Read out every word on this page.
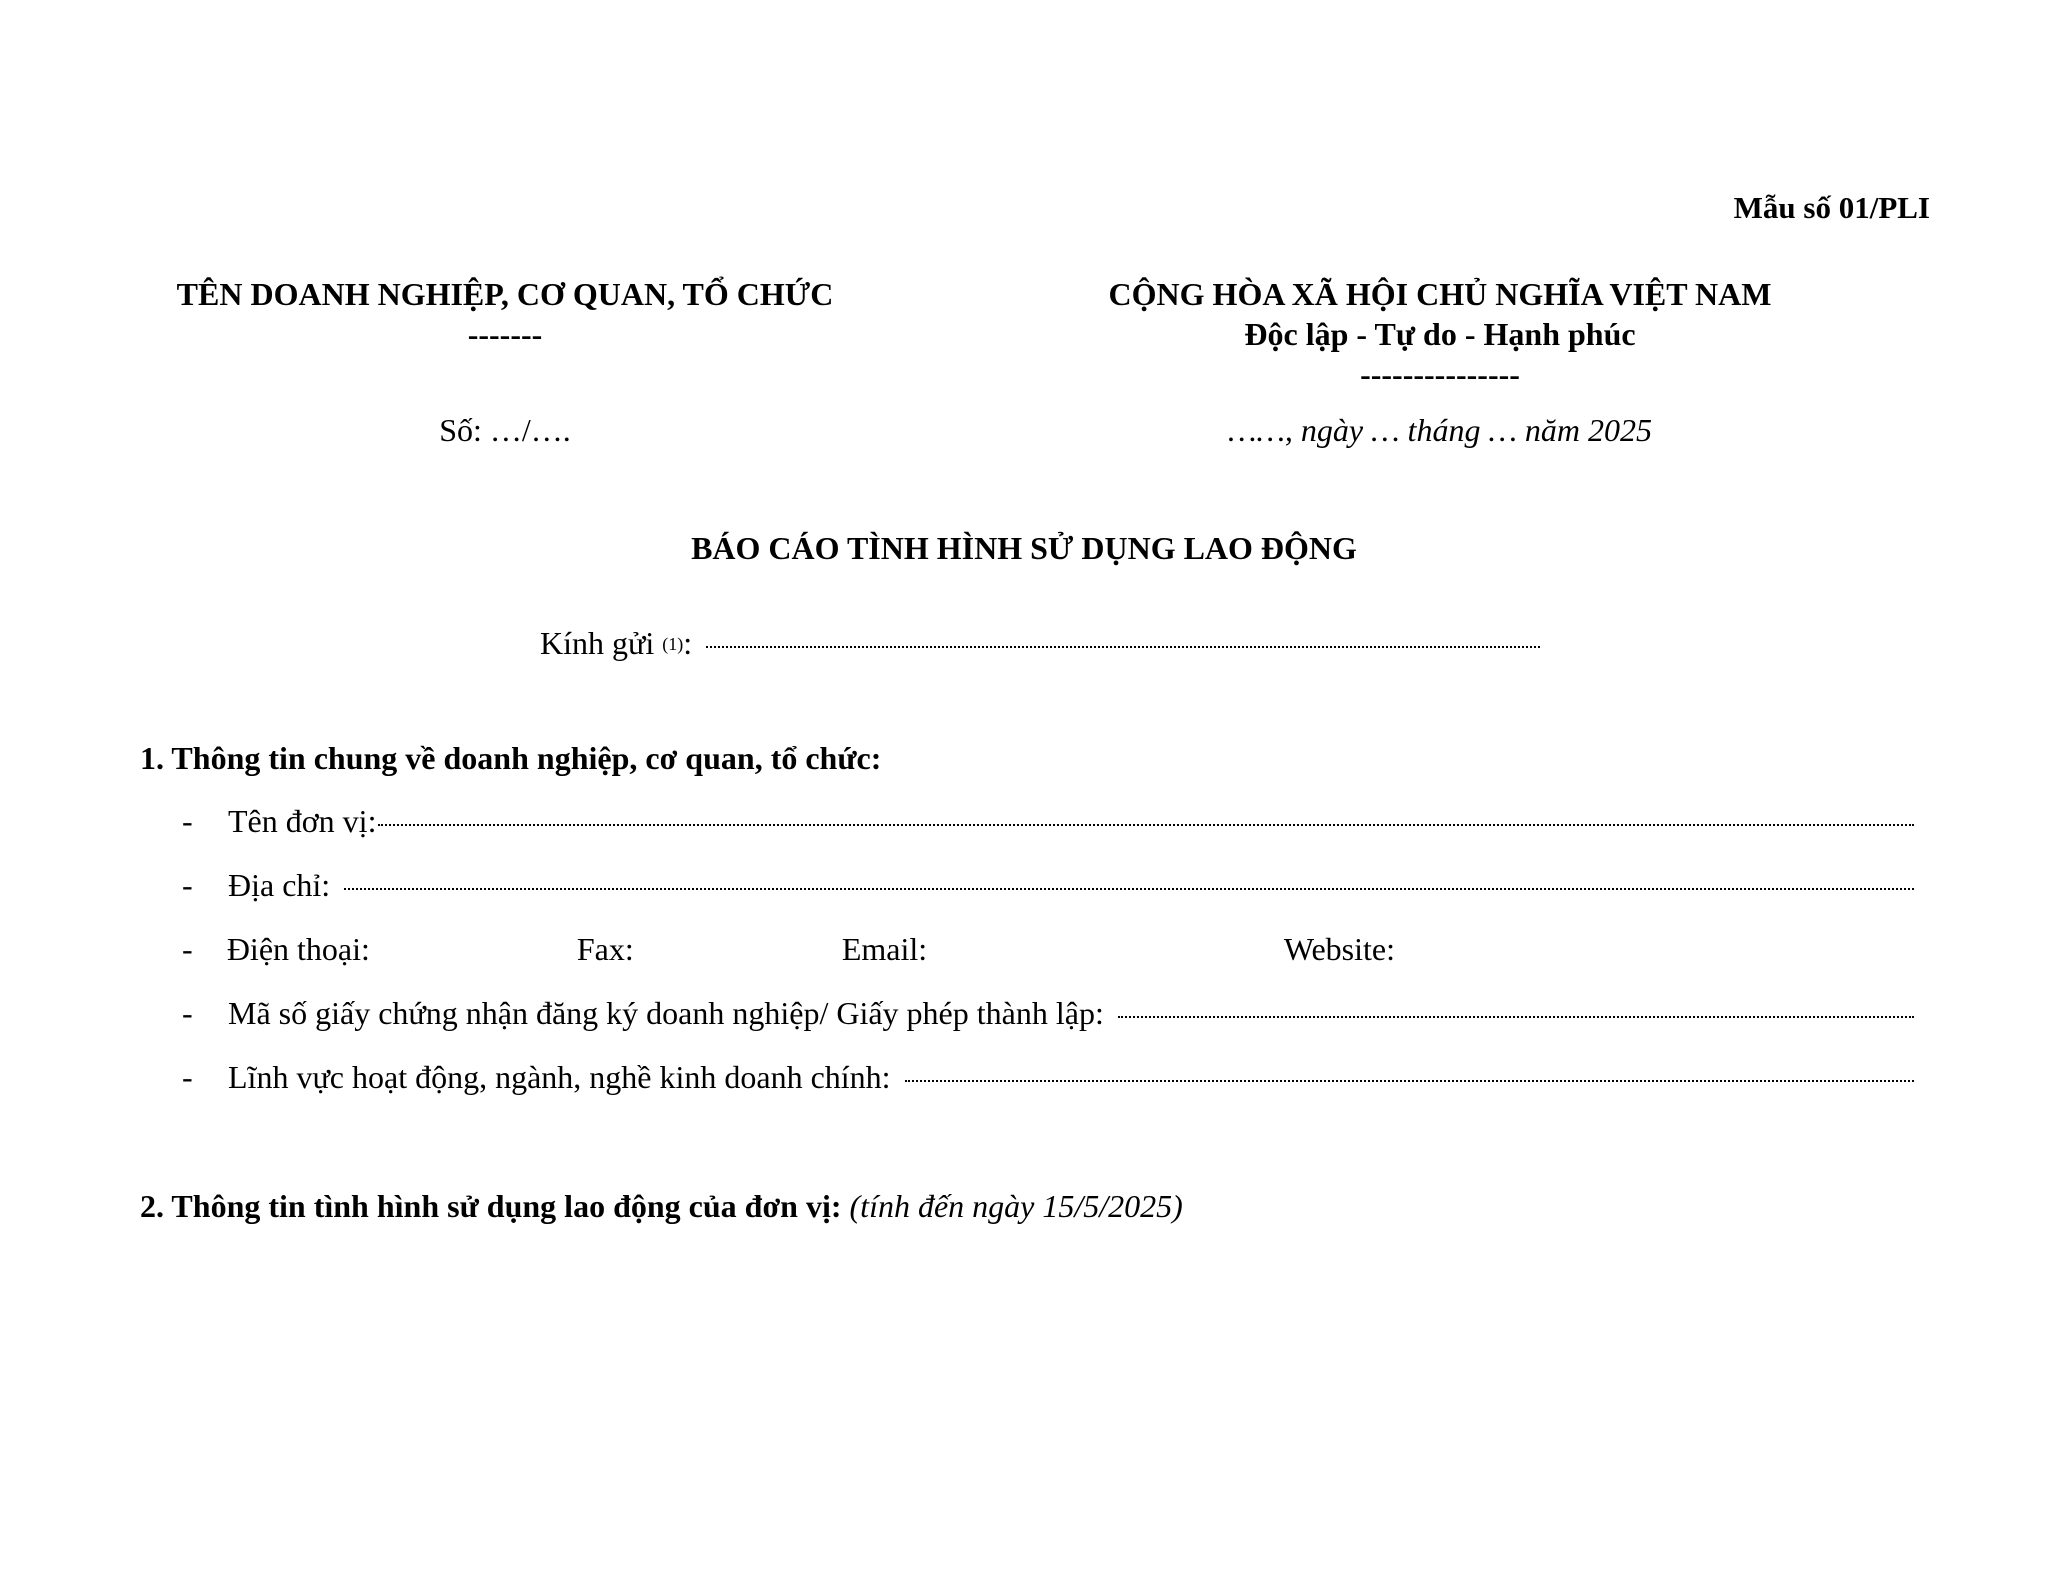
Mẫu số 01/PLI
TÊN DOANH NGHIỆP, CƠ QUAN, TỔ CHỨC
-------
CỘNG HÒA XÃ HỘI CHỦ NGHĨA VIỆT NAM
Độc lập - Tự do - Hạnh phúc
---------------
Số: …/….	……, ngày … tháng … năm 2025
BÁO CÁO TÌNH HÌNH SỬ DỤNG LAO ĐỘNG
Kính gửi
$^{(1)}$ :
1. Thông tin chung về doanh nghiệp, cơ quan, tổ chức:
-	Tên đơn vị:
-	Địa chỉ:
-	Điện thoại:	Fax:	Email:	Website:
-	Mã số giấy chứng nhận đăng ký doanh nghiệp/ Giấy phép thành lập:
-	Lĩnh vực hoạt động, ngành, nghề kinh doanh chính:
2. Thông tin tình hình sử dụng lao động của đơn vị: (tính đến ngày 15/5/2025)
